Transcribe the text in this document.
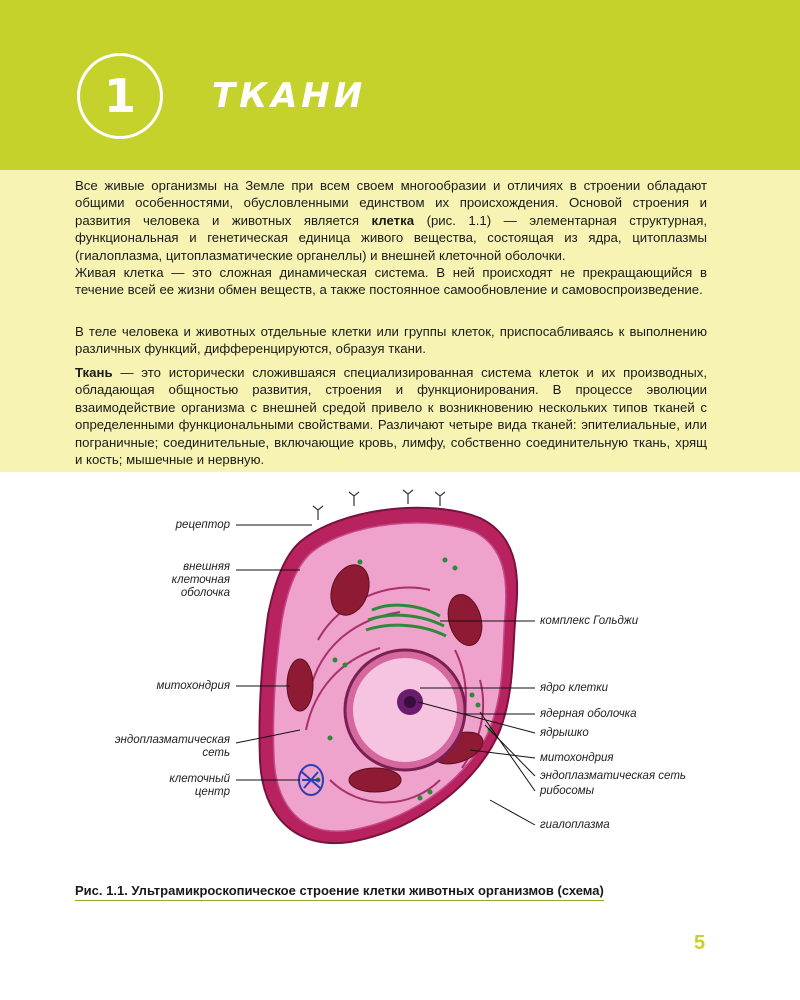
1 ТКАНИ

Все живые организмы на Земле при всем своем многообразии и отличиях в строении обладают общими особенностями, обусловленными единством их происхождения. Основой строения и развития человека и животных является клетка (рис. 1.1) — элементарная структурная, функциональная и генетическая единица живого вещества, состоящая из ядра, цитоплазмы (гиалоплазма, цитоплазматические органеллы) и внешней клеточной оболочки.

Живая клетка — это сложная динамическая система. В ней происходят не прекращающийся в течение всей ее жизни обмен веществ, а также постоянное самообновление и самовоспроизведение.

В теле человека и животных отдельные клетки или группы клеток, приспосабливаясь к выполнению различных функций, дифференцируются, образуя ткани.

Ткань — это исторически сложившаяся специализированная система клеток и их производных, обладающая общностью развития, строения и функционирования. В процессе эволюции взаимодействие организма с внешней средой привело к возникновению нескольких типов тканей с определенными функциональными свойствами. Различают четыре вида тканей: эпителиальные, или пограничные; соединительные, включающие кровь, лимфу, собственно соединительную ткань, хрящ и кость; мышечные и нервную.

рецептор
внешняя
клеточная
оболочка
митохондрия
эндоплазматическая
сеть
клеточный
центр
комплекс Гольджи
ядро клетки
ядерная оболочка
ядрышко
митохондрия
эндоплазматическая сеть
рибосомы
гиалоплазма
Рис. 1.1. Ультрамикроскопическое строение клетки животных организмов (схема)
5
